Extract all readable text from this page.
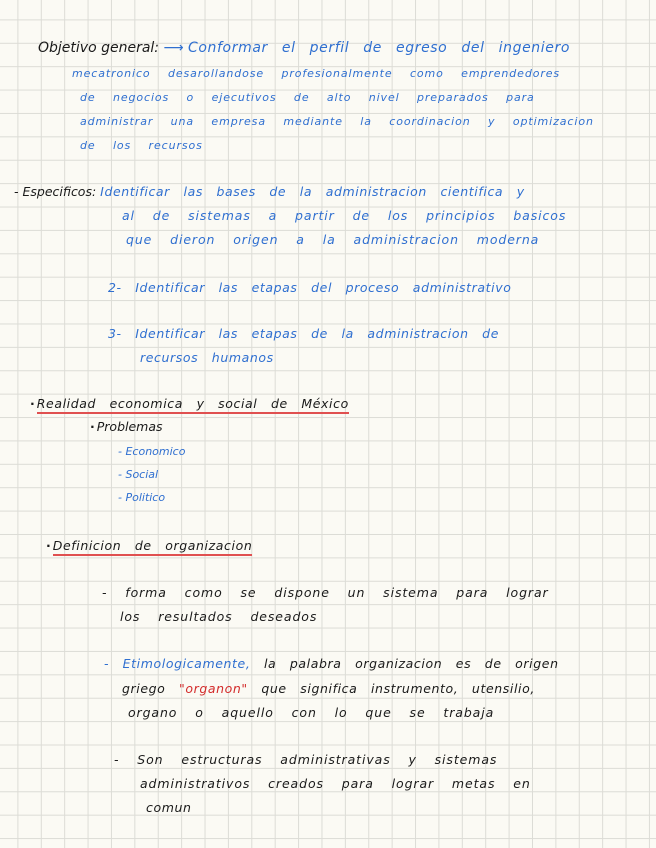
Objetivo general: ⟶ Conformar el perfil de egreso del ingeniero
mecatronico desarollandose profesionalmente como emprendedores
de negocios o ejecutivos de alto nivel preparados para
administrar una empresa mediante la coordinacion y optimizacion
de los recursos
- Especificos: Identificar las bases de la administracion cientifica y
al de sistemas a partir de los principios basicos
que dieron origen a la administracion moderna
2- Identificar las etapas del proceso administrativo
3- Identificar las etapas de la administracion de
recursos humanos
· Realidad economica y social de México
· Problemas
- Economico
- Social
- Politico
· Definicion de organizacion
- forma como se dispone un sistema para lograr
los resultados deseados
- Etimologicamente, la palabra organizacion es de origen
griego "organon" que significa instrumento, utensilio,
organo o aquello con lo que se trabaja
- Son estructuras administrativas y sistemas
administrativos creados para lograr metas en
comun
